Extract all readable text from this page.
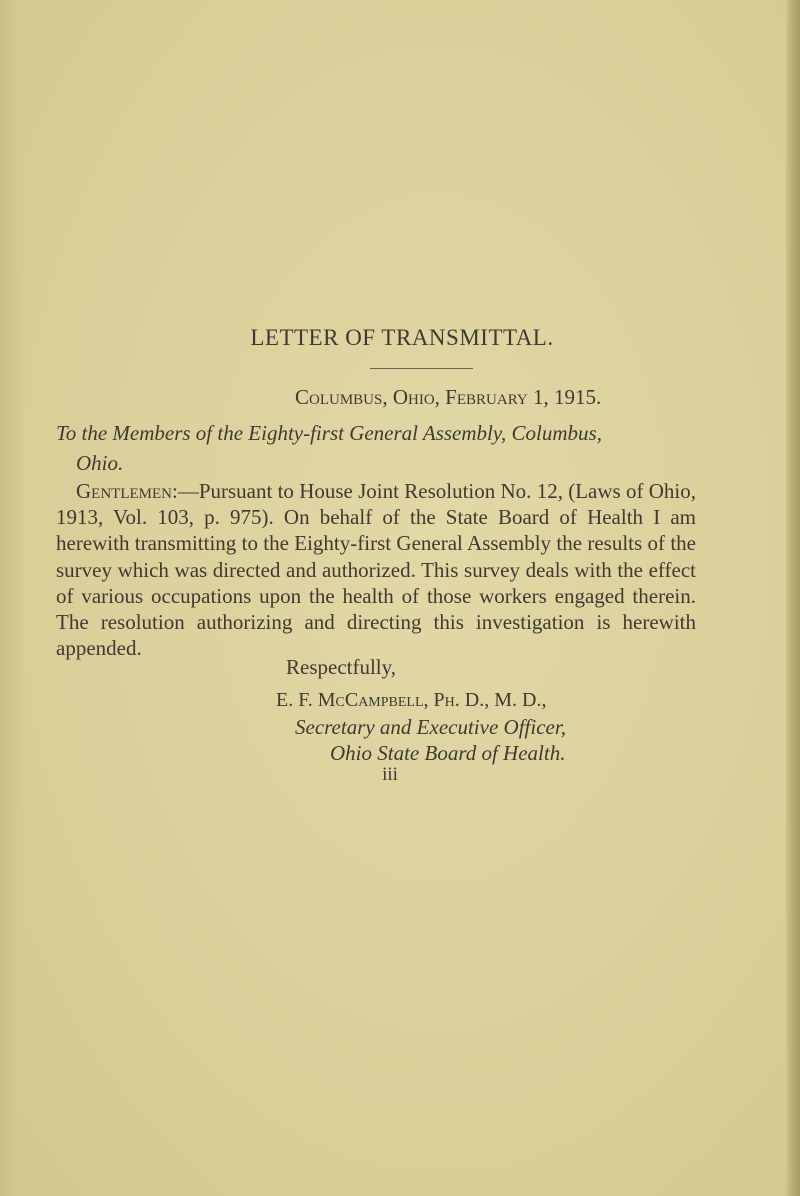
LETTER OF TRANSMITTAL.
Columbus, Ohio, February 1, 1915.
To the Members of the Eighty-first General Assembly, Columbus,
Ohio.

Gentlemen:—Pursuant to House Joint Resolution No. 12, (Laws of Ohio, 1913, Vol. 103, p. 975). On behalf of the State Board of Health I am herewith transmitting to the Eighty-first General Assembly the results of the survey which was directed and authorized. This survey deals with the effect of various occupations upon the health of those workers engaged therein. The resolution authorizing and directing this investigation is herewith appended.

Respectfully,
E. F. McCampbell, Ph. D., M. D.,
Secretary and Executive Officer,
Ohio State Board of Health.
iii
